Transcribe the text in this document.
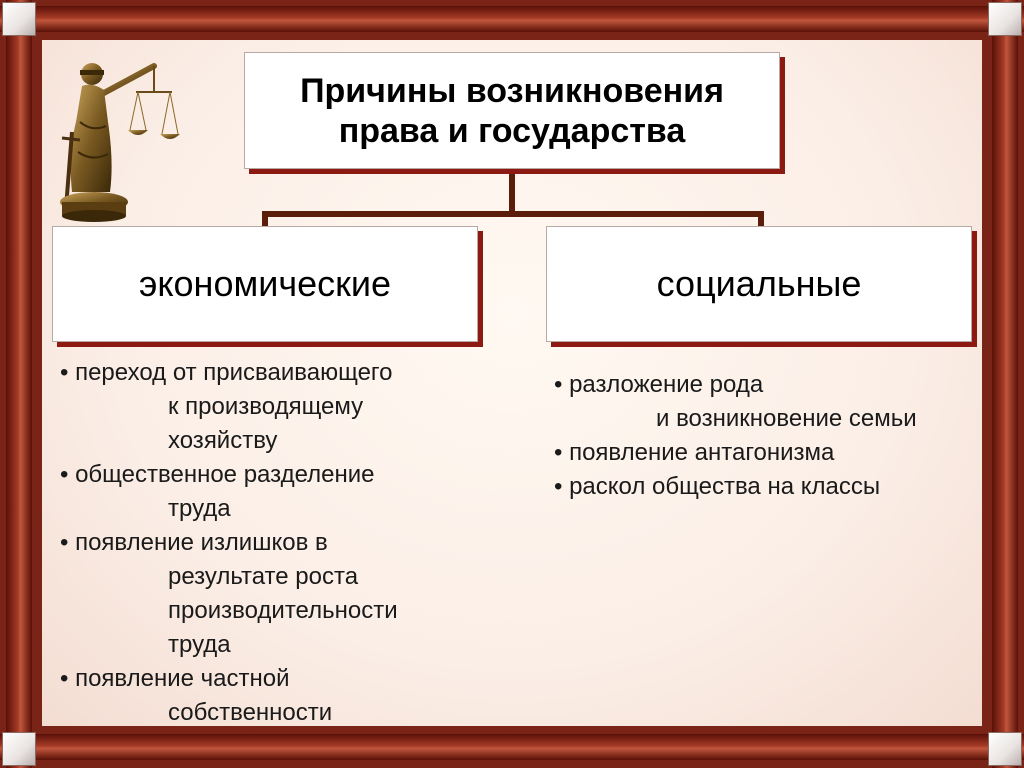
Причины возникновения
права и государства
экономические	социальные
• переход от присваивающего
к производящему
хозяйству
• общественное разделение
труда
• появление излишков в
результате роста
производительности
труда
• появление частной
собственности
• разложение рода
и возникновение семьи
• появление антагонизма
• раскол общества на классы
